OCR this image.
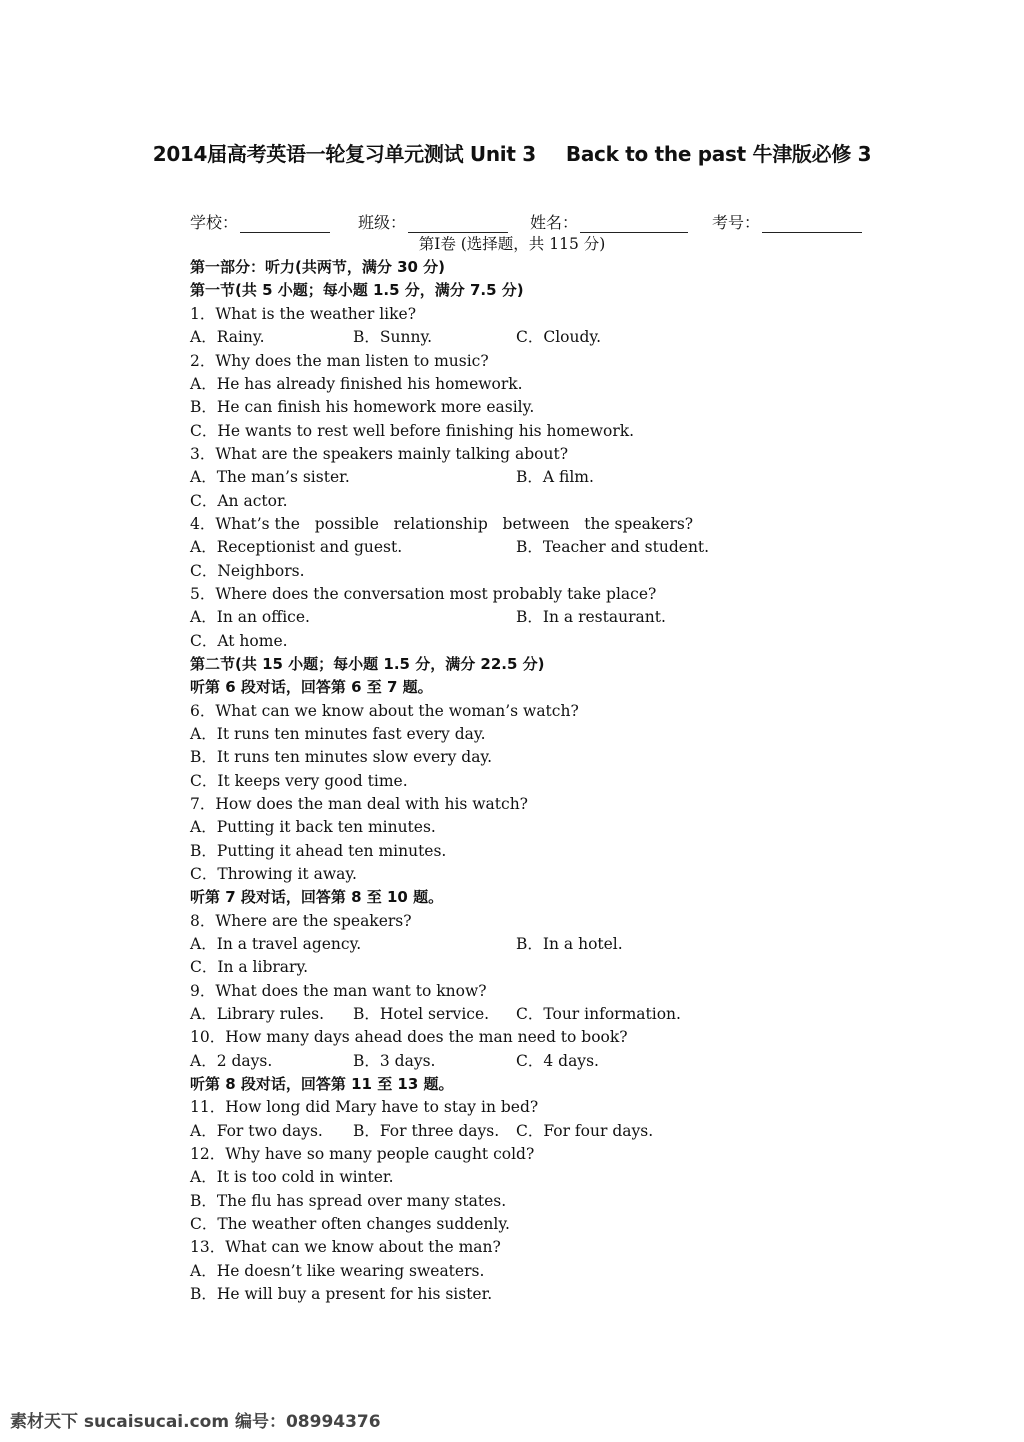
2014届高考英语一轮复习单元测试 Unit 3 Back to the past 牛津版必修 3
学校：	班级：	姓名：	考号：
第Ⅰ卷 (选择题，共 115 分)
第一部分：听力(共两节，满分 30 分)
第一节(共 5 小题；每小题 1.5 分，满分 7.5 分)
1．What is the weather like?
A．Rainy.	B．Sunny.	C．Cloudy.
2．Why does the man listen to music?
A．He has already finished his homework.
B．He can finish his homework more easily.
C．He wants to rest well before finishing his homework.
3．What are the speakers mainly talking about?
A．The man’s sister.	B．A film.
C．An actor.
4．What’s the   possible   relationship   between   the speakers?
A．Receptionist and guest.	B．Teacher and student.
C．Neighbors.
5．Where does the conversation most probably take place?
A．In an office.	B．In a restaurant.
C．At home.
第二节(共 15 小题；每小题 1.5 分，满分 22.5 分)
听第 6 段对话，回答第 6 至 7 题。
6．What can we know about the woman’s watch?
A．It runs ten minutes fast every day.
B．It runs ten minutes slow every day.
C．It keeps very good time.
7．How does the man deal with his watch?
A．Putting it back ten minutes.
B．Putting it ahead ten minutes.
C．Throwing it away.
听第 7 段对话，回答第 8 至 10 题。
8．Where are the speakers?
A．In a travel agency.	B．In a hotel.
C．In a library.
9．What does the man want to know?
A．Library rules. B．Hotel service. C．Tour information.
10．How many days ahead does the man need to book?
A．2 days.	B．3 days.	C．4 days.
听第 8 段对话，回答第 11 至 13 题。
11．How long did Mary have to stay in bed?
A．For two days. B．For three days. C．For four days.
12．Why have so many people caught cold?
A．It is too cold in winter.
B．The flu has spread over many states.
C．The weather often changes suddenly.
13．What can we know about the man?
A．He doesn’t like wearing sweaters.
B．He will buy a present for his sister.
素材天下 sucaisucai.com 编号：08994376
